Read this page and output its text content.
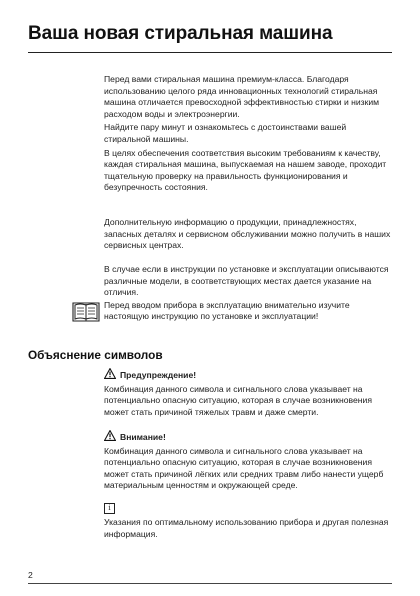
Ваша новая стиральная машина

Перед вами стиральная машина премиум-класса. Благодаря использованию целого ряда инновационных технологий стиральная машина отличается превосходной эффективностью стирки и низким расходом воды и электроэнергии.

Найдите пару минут и ознакомьтесь с достоинствами вашей стиральной машины.

В целях обеспечения соответствия высоким требованиям к качеству, каждая стиральная машина, выпускаемая на нашем заводе, проходит тщательную проверку на правильность функционирования и безупречность состояния.

Дополнительную информацию о продукции, принадлежностях, запасных деталях и сервисном обслуживании можно получить в наших сервисных центрах.

В случае если в инструкции по установке и эксплуатации описываются различные модели, в соответствующих местах дается указание на отличия.

Перед вводом прибора в эксплуатацию внимательно изучите настоящую инструкцию по установке и эксплуатации!

Объяснение символов
Предупреждение!

Комбинация данного символа и сигнального слова указывает на потенциально опасную ситуацию, которая в случае возникновения может стать причиной тяжелых травм и даже смерти.

Внимание!

Комбинация данного символа и сигнального слова указывает на потенциально опасную ситуацию, которая в случае возникновения может стать причиной лёгких или средних травм либо нанести ущерб материальным ценностям и окружающей среде.

i

Указания по оптимальному использованию прибора и другая полезная информация.

2
